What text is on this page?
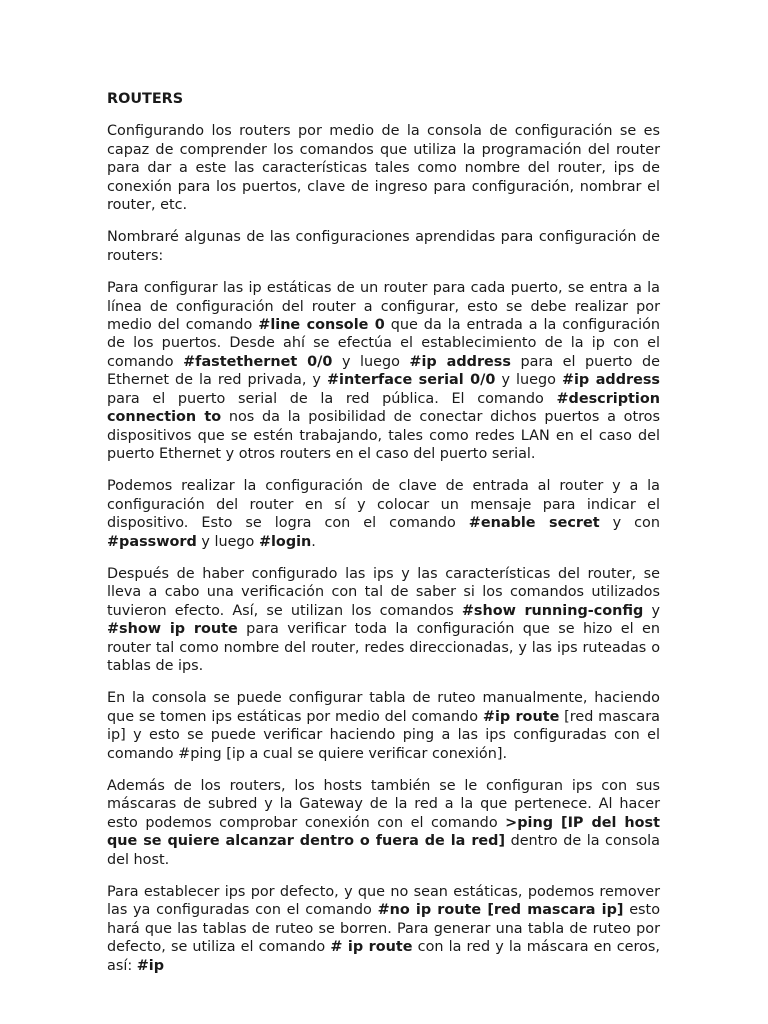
ROUTERS

Configurando los routers por medio de la consola de configuración se es capaz de comprender los comandos que utiliza la programación del router para dar a este las características tales como nombre del router, ips de conexión para los puertos, clave de ingreso para configuración, nombrar el router, etc.

Nombraré algunas de las configuraciones aprendidas para configuración de routers:

Para configurar las ip estáticas de un router para cada puerto, se entra a la línea de configuración del router a configurar, esto se debe realizar por medio del comando #line console 0 que da la entrada a la configuración de los puertos. Desde ahí se efectúa el establecimiento de la ip con el comando #fastethernet 0/0 y luego #ip address para el puerto de Ethernet de la red privada, y #interface serial 0/0 y luego #ip address para el puerto serial de la red pública. El comando #description connection to nos da la posibilidad de conectar dichos puertos a otros dispositivos que se estén trabajando, tales como redes LAN en el caso del puerto Ethernet y otros routers en el caso del puerto serial.

Podemos realizar la configuración de clave de entrada al router y a la configuración del router en sí y colocar un mensaje para indicar el dispositivo. Esto se logra con el comando #enable secret y con #password y luego #login.

Después de haber configurado las ips y las características del router, se lleva a cabo una verificación con tal de saber si los comandos utilizados tuvieron efecto. Así, se utilizan los comandos #show running-config y #show ip route para verificar toda la configuración que se hizo el en router tal como nombre del router, redes direccionadas, y las ips ruteadas o tablas de ips.

En la consola se puede configurar tabla de ruteo manualmente, haciendo que se tomen ips estáticas por medio del comando #ip route [red mascara ip] y esto se puede verificar haciendo ping a las ips configuradas con el comando #ping [ip a cual se quiere verificar conexión].

Además de los routers, los hosts también se le configuran ips con sus máscaras de subred y la Gateway de la red a la que pertenece. Al hacer esto podemos comprobar conexión con el comando >ping [IP del host que se quiere alcanzar dentro o fuera de la red] dentro de la consola del host.

Para establecer ips por defecto, y que no sean estáticas, podemos remover las ya configuradas con el comando #no ip route [red mascara ip] esto hará que las tablas de ruteo se borren. Para generar una tabla de ruteo por defecto, se utiliza el comando # ip route con la red y la máscara en ceros, así: #ip
